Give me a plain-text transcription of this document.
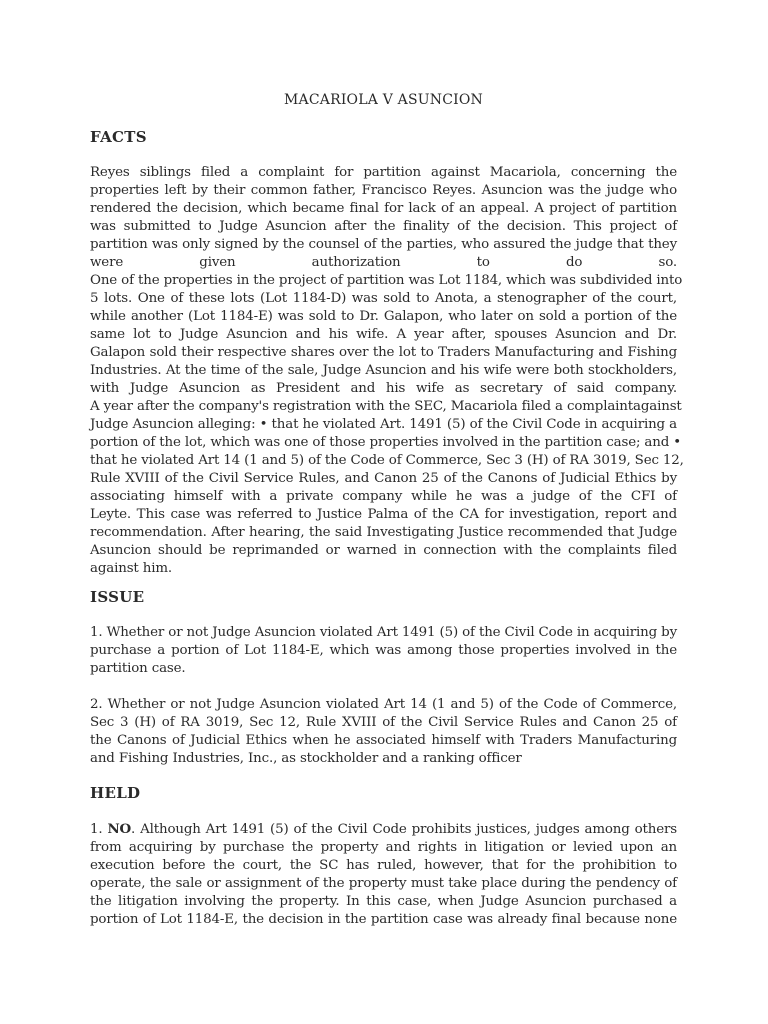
MACARIOLA V ASUNCION
FACTS
Reyes siblings filed a complaint for partition against Macariola, concerning the
properties left by their common father, Francisco Reyes. Asuncion was the judge who
rendered the decision, which became final for lack of an appeal. A project of partition
was submitted to Judge Asuncion after the finality of the decision. This project of
partition was only signed by the counsel of the parties, who assured the judge that they
were given authorization to do so.
One of the properties in the project of partition was Lot 1184, which was subdivided into
5 lots. One of these lots (Lot 1184-D) was sold to Anota, a stenographer of the court,
while another (Lot 1184-E) was sold to Dr. Galapon, who later on sold a portion of the
same lot to Judge Asuncion and his wife. A year after, spouses Asuncion and Dr.
Galapon sold their respective shares over the lot to Traders Manufacturing and Fishing
Industries. At the time of the sale, Judge Asuncion and his wife were both stockholders,
with Judge Asuncion as President and his wife as secretary of said company.
A year after the company's registration with the SEC, Macariola filed a complaintagainst
Judge Asuncion alleging: • that he violated Art. 1491 (5) of the Civil Code in acquiring a
portion of the lot, which was one of those properties involved in the partition case; and •
that he violated Art 14 (1 and 5) of the Code of Commerce, Sec 3 (H) of RA 3019, Sec 12,
Rule XVIII of the Civil Service Rules, and Canon 25 of the Canons of Judicial Ethics by
associating himself with a private company while he was a judge of the CFI of
Leyte. This case was referred to Justice Palma of the CA for investigation, report and
recommendation. After hearing, the said Investigating Justice recommended that Judge
Asuncion should be reprimanded or warned in connection with the complaints filed
against him.
ISSUE
1. Whether or not Judge Asuncion violated Art 1491 (5) of the Civil Code in acquiring by
purchase a portion of Lot 1184-E, which was among those properties involved in the
partition case.
2. Whether or not Judge Asuncion violated Art 14 (1 and 5) of the Code of Commerce,
Sec 3 (H) of RA 3019, Sec 12, Rule XVIII of the Civil Service Rules and Canon 25 of
the Canons of Judicial Ethics when he associated himself with Traders Manufacturing
and Fishing Industries, Inc., as stockholder and a ranking officer
HELD
1. NO. Although Art 1491 (5) of the Civil Code prohibits justices, judges among others
from acquiring by purchase the property and rights in litigation or levied upon an
execution before the court, the SC has ruled, however, that for the prohibition to
operate, the sale or assignment of the property must take place during the pendency of
the litigation involving the property. In this case, when Judge Asuncion purchased a
portion of Lot 1184-E, the decision in the partition case was already final because none
